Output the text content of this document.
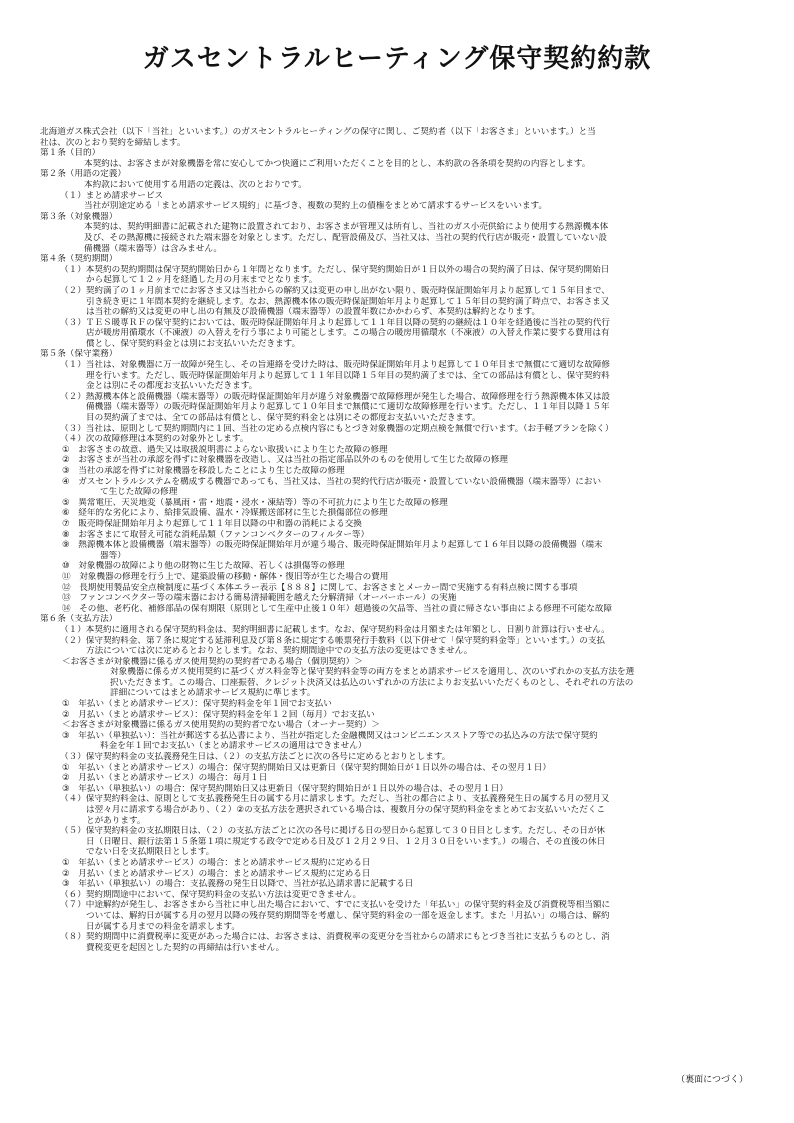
ガスセントラルヒーティング保守契約約款
北海道ガス株式会社（以下「当社」といいます。）のガスセントラルヒーティングの保守に関し、ご契約者（以下「お客さま」といいます。）と当
社は、次のとおり契約を締結します。
第１条（目的）
本契約は、お客さまが対象機器を常に安心してかつ快適にご利用いただくことを目的とし、本約款の各条項を契約の内容とします。
第２条（用語の定義）
本約款において使用する用語の定義は、次のとおりです。
（１）まとめ請求サービス
当社が別途定める「まとめ請求サービス規約」に基づき、複数の契約上の債権をまとめて請求するサービスをいいます。
第３条（対象機器）
本契約は、契約明細書に記載された建物に設置されており、お客さまが管理又は所有し、当社のガス小売供給により使用する熱源機本体
及び、その熱源機に接続された端末器を対象とします。ただし、配管設備及び、当社又は、当社の契約代行店が販売・設置していない設
備機器（端末器等）は含みません。
第４条（契約期間）
（１）本契約の契約期間は保守契約開始日から１年間となります。ただし、保守契約開始日が１日以外の場合の契約満了日は、保守契約開始日
から起算して１２ヶ月を経過した月の月末までとなります。
（２）契約満了の１ヶ月前までにお客さま又は当社からの解約又は変更の申し出がない限り、販売時保証開始年月より起算して１５年目まで、
引き続き更に１年間本契約を継続します。なお、熱源機本体の販売時保証開始年月より起算して１５年目の契約満了時点で、お客さま又
は当社の解約又は変更の申し出の有無及び設備機器（端末器等）の設置年数にかかわらず、本契約は解約となります。
（３）ＴＥＳ暖専ＲＦの保守契約においては、販売時保証開始年月より起算して１１年目以降の契約の継続は１０年を経過後に当社の契約代行
店が暖房用循環水（不凍液）の入替えを行う事により可能とします。この場合の暖房用循環水（不凍液）の入替え作業に要する費用は有
償とし、保守契約料金とは別にお支払いいただきます。
第５条（保守業務）
（１）当社は、対象機器に万一故障が発生し、その旨連絡を受けた時は、販売時保証開始年月より起算して１０年目まで無償にて適切な故障修
理を行います。ただし、販売時保証開始年月より起算して１１年目以降１５年目の契約満了までは、全ての部品は有償とし、保守契約料
金とは別にその都度お支払いいただきます。
（２）熱源機本体と設備機器（端末器等）の販売時保証開始年月が違う対象機器で故障修理が発生した場合、故障修理を行う熱源機本体又は設
備機器（端末器等）の販売時保証開始年月より起算して１０年目まで無償にて適切な故障修理を行います。ただし、１１年目以降１５年
目の契約満了までは、全ての部品は有償とし、保守契約料金とは別にその都度お支払いいただきます。
（３）当社は、原則として契約期間内に１回、当社の定める点検内容にもとづき対象機器の定期点検を無償で行います。（お手軽プランを除く）
（４）次の故障修理は本契約の対象外とします。
①　お客さまの故意、過失又は取扱説明書によらない取扱いにより生じた故障の修理
②　お客さまが当社の承認を得ずに対象機器を改造し、又は当社の指定部品以外のものを使用して生じた故障の修理
③　当社の承認を得ずに対象機器を移設したことにより生じた故障の修理
④　ガスセントラルシステムを構成する機器であっても、当社又は、当社の契約代行店が販売・設置していない設備機器（端末器等）におい
て生じた故障の修理
⑤　異常電圧、天災地変（暴風雨・雷・地震・浸水・凍結等）等の不可抗力により生じた故障の修理
⑥　経年的な劣化により、給排気設備、温水・冷媒搬送部材に生じた損傷部位の修理
⑦　販売時保証開始年月より起算して１１年目以降の中和器の消耗による交換
⑧　お客さまにて取替え可能な消耗品類（ファンコンベクターのフィルター等）
⑨　熱源機本体と設備機器（端末器等）の販売時保証開始年月が違う場合、販売時保証開始年月より起算して１６年目以降の設備機器（端末
器等）
⑩　対象機器の故障により他の財物に生じた故障、若しくは損傷等の修理
⑪　対象機器の修理を行う上で、建築設備の移動・解体・復旧等が生じた場合の費用
⑫　長期使用製品安全点検制度に基づく本体エラー表示【８８８】に関して、お客さまとメーカー間で実施する有料点検に関する事項
⑬　ファンコンベクター等の端末器における簡易清掃範囲を越えた分解清掃（オーバーホール）の実施
⑭　その他、老朽化、補修部品の保有期限（原則として生産中止後１０年）超過後の欠品等、当社の責に帰さない事由による修理不可能な故障
第６条（支払方法）
（１）本契約に適用される保守契約料金は、契約明細書に記載します。なお、保守契約料金は月額または年額とし、日割り計算は行いません。
（２）保守契約料金、第７条に規定する延滞利息及び第８条に規定する帳票発行手数料（以下併せて「保守契約料金等」といいます。）の支払
方法については次に定めるとおりとします。なお、契約期間途中での支払方法の変更はできません。
＜お客さまが対象機器に係るガス使用契約の契約者である場合（個別契約）＞
対象機器に係るガス使用契約に基づくガス料金等と保守契約料金等の両方をまとめ請求サービスを適用し、次のいずれかの支払方法を選
択いただきます。この場合、口座振替、クレジット決済又は払込のいずれかの方法によりお支払いいただくものとし、それぞれの方法の
詳細についてはまとめ請求サービス規約に準じます。
①　年払い（まとめ請求サービス）：保守契約料金を年１回でお支払い
②　月払い（まとめ請求サービス）：保守契約料金を年１２回（毎月）でお支払い
＜お客さまが対象機器に係るガス使用契約の契約者でない場合（オーナー契約）＞
③　年払い（単独払い）：当社が郵送する払込書により、当社が指定した金融機関又はコンビニエンスストア等での払込みの方法で保守契約
料金を年１回でお支払い（まとめ請求サービスの適用はできません）
（３）保守契約料金の支払義務発生日は、（２）の支払方法ごとに次の各号に定めるとおりとします。
①　年払い（まとめ請求サービス）の場合：保守契約開始日又は更新日（保守契約開始日が１日以外の場合は、その翌月１日）
②　月払い（まとめ請求サービス）の場合：毎月１日
③　年払い（単独払い）の場合：保守契約開始日又は更新日（保守契約開始日が１日以外の場合は、その翌月１日）
（４）保守契約料金は、原則として支払義務発生日の属する月に請求します。ただし、当社の都合により、支払義務発生日の属する月の翌月又
は翌々月に請求する場合があり、（２）②の支払方法を選択されている場合は、複数月分の保守契約料金をまとめてお支払いいただくこ
とがあります。
（５）保守契約料金の支払期限日は、（２）の支払方法ごとに次の各号に掲げる日の翌日から起算して３０日目とします。ただし、その日が休
日（日曜日、銀行法第１５条第１項に規定する政令で定める日及び１２月２９日、１２月３０日をいいます。）の場合、その直後の休日
でない日を支払期限日とします。
①　年払い（まとめ請求サービス）の場合：まとめ請求サービス規約に定める日
②　月払い（まとめ請求サービス）の場合：まとめ請求サービス規約に定める日
③　年払い（単独払い）の場合：支払義務の発生日以降で、当社が払込請求書に記載する日
（６）契約期間途中において、保守契約料金の支払い方法は変更できません。
（７）中途解約が発生し、お客さまから当社に申し出た場合において、すでに支払いを受けた「年払い」の保守契約料金及び消費税等相当額に
ついては、解約日が属する月の翌月以降の残存契約期間等を考慮し、保守契約料金の一部を返金します。また「月払い」の場合は、解約
日が属する月までの料金を請求します。
（８）契約期間中に消費税率に変更があった場合には、お客さまは、消費税率の変更分を当社からの請求にもとづき当社に支払うものとし、消
費税変更を起因とした契約の再締結は行いません。
（裏面につづく）
